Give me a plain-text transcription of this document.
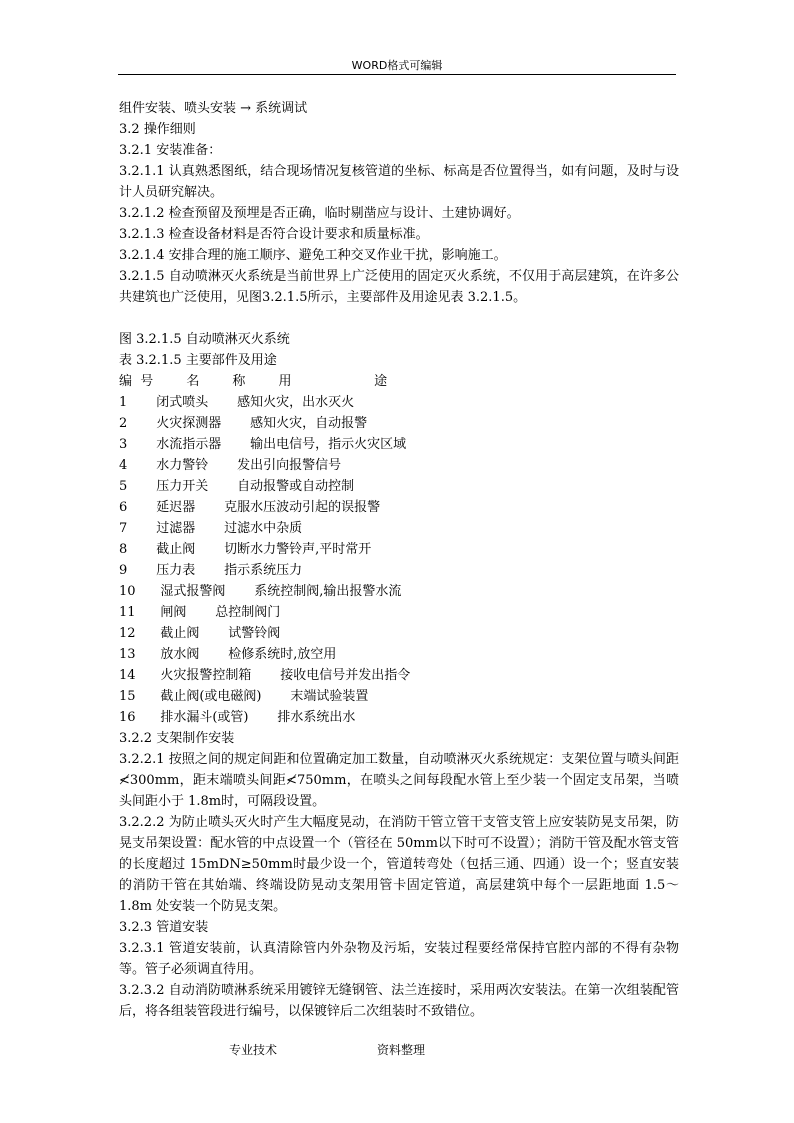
WORD格式可编辑

组件安装、喷头安装 → 系统调试

3.2 操作细则

3.2.1 安装准备：

3.2.1.1 认真熟悉图纸，结合现场情况复核管道的坐标、标高是否位置得当，如有问题，及时与设计人员研究解决。

3.2.1.2 检查预留及预埋是否正确，临时剔凿应与设计、土建协调好。

3.2.1.3 检查设备材料是否符合设计要求和质量标准。

3.2.1.4 安排合理的施工顺序、避免工种交叉作业干扰，影响施工。

3.2.1.5 自动喷淋灭火系统是当前世界上广泛使用的固定灭火系统，不仅用于高层建筑，在许多公共建筑也广泛使用，见图3.2.1.5所示，主要部件及用途见表 3.2.1.5。

图 3.2.1.5 自动喷淋灭火系统

表 3.2.1.5 主要部件及用途

编  号        名        称        用                    途

1       闭式喷头       感知火灾，出水灭火

2       火灾探测器       感知火灾，自动报警

3       水流指示器       输出电信号，指示火灾区域

4       水力警铃       发出引向报警信号

5       压力开关       自动报警或自动控制

6       延迟器       克服水压波动引起的误报警

7       过滤器       过滤水中杂质

8       截止阀       切断水力警铃声,平时常开

9       压力表       指示系统压力

10      湿式报警阀       系统控制阀,输出报警水流

11      闸阀       总控制阀门

12      截止阀       试警铃阀

13      放水阀       检修系统时,放空用

14      火灾报警控制箱       接收电信号并发出指令

15      截止阀(或电磁阀)       末端试验装置

16      排水漏斗(或管)       排水系统出水

3.2.2 支架制作安装

3.2.2.1 按照之间的规定间距和位置确定加工数量，自动喷淋灭火系统规定：支架位置与喷头间距≮300mm，距末端喷头间距≮750mm，在喷头之间每段配水管上至少装一个固定支吊架，当喷头间距小于 1.8m时，可隔段设置。

3.2.2.2 为防止喷头灭火时产生大幅度晃动，在消防干管立管干支管支管上应安装防晃支吊架，防晃支吊架设置：配水管的中点设置一个（管径在 50mm以下时可不设置）；消防干管及配水管支管的长度超过 15mDN≥50mm时最少设一个，管道转弯处（包括三通、四通）设一个；竖直安装的消防干管在其始端、终端设防晃动支架用管卡固定管道，高层建筑中每个一层距地面 1.5～1.8m 处安装一个防晃支架。

3.2.3 管道安装

3.2.3.1 管道安装前，认真清除管内外杂物及污垢，安装过程要经常保持官腔内部的不得有杂物等。管子必须调直待用。

3.2.3.2 自动消防喷淋系统采用镀锌无缝钢管、法兰连接时，采用两次安装法。在第一次组装配管后，将各组装管段进行编号，以保镀锌后二次组装时不致错位。

专业技术	资料整理
